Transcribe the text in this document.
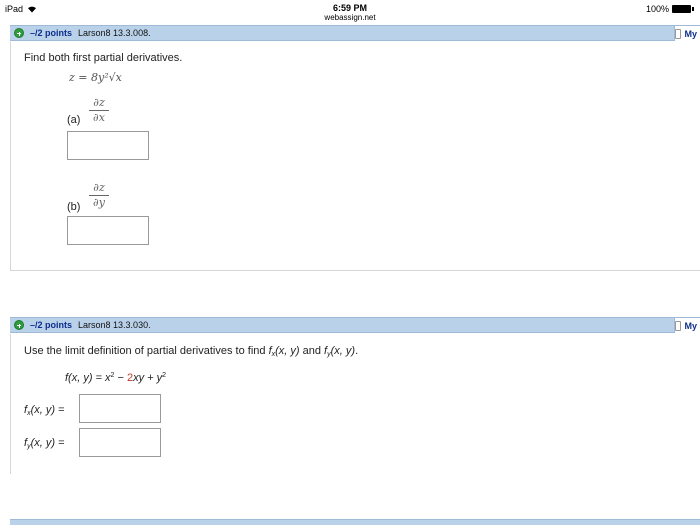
iPad	6:59 PM
webassign.net
100%
–/2 points Larson8 13.3.008.	My
Find both first partial derivatives.
z = 8y²√x
∂z
∂x
(a)
∂z
∂y
(b)
–/2 points Larson8 13.3.030.	My
Use the limit definition of partial derivatives to find $f_x(x$, y) and $f_y(x$, y).
f(x, $y) = x^2 - 2xy + y^2$
$f_x(x$, y) =
$f_y(x$, y) =
